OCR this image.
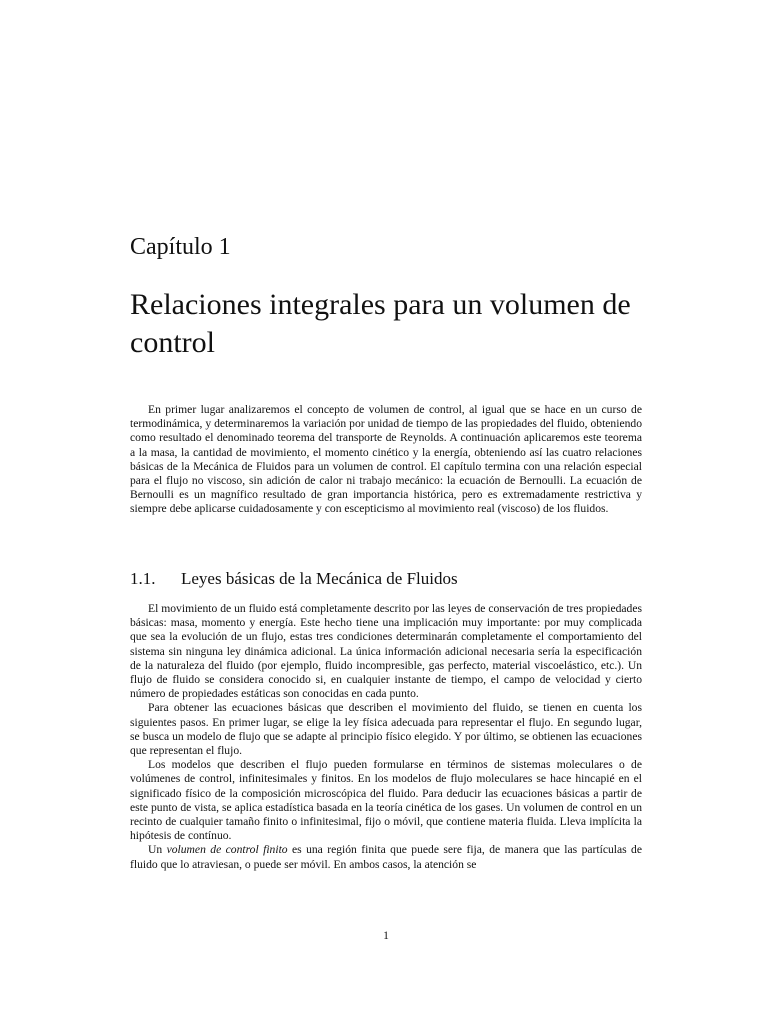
Capítulo 1
Relaciones integrales para un volumen de control

En primer lugar analizaremos el concepto de volumen de control, al igual que se hace en un curso de termodinámica, y determinaremos la variación por unidad de tiempo de las propiedades del fluido, obteniendo como resultado el denominado teorema del transporte de Reynolds. A continuación aplicaremos este teorema a la masa, la cantidad de movimiento, el momento cinético y la energía, obteniendo así las cuatro relaciones básicas de la Mecánica de Fluidos para un volumen de control. El capítulo termina con una relación especial para el flujo no viscoso, sin adición de calor ni trabajo mecánico: la ecuación de Bernoulli. La ecuación de Bernoulli es un magnífico resultado de gran importancia histórica, pero es extremadamente restrictiva y siempre debe aplicarse cuidadosamente y con escepticismo al movimiento real (viscoso) de los fluidos.

1.1. Leyes básicas de la Mecánica de Fluidos

El movimiento de un fluido está completamente descrito por las leyes de conservación de tres propiedades básicas: masa, momento y energía. Este hecho tiene una implicación muy importante: por muy complicada que sea la evolución de un flujo, estas tres condiciones determinarán completamente el comportamiento del sistema sin ninguna ley dinámica adicional. La única información adicional necesaria sería la especificación de la naturaleza del fluido (por ejemplo, fluido incompresible, gas perfecto, material viscoelástico, etc.). Un flujo de fluido se considera conocido si, en cualquier instante de tiempo, el campo de velocidad y cierto número de propiedades estáticas son conocidas en cada punto.

Para obtener las ecuaciones básicas que describen el movimiento del fluido, se tienen en cuenta los siguientes pasos. En primer lugar, se elige la ley física adecuada para representar el flujo. En segundo lugar, se busca un modelo de flujo que se adapte al principio físico elegido. Y por último, se obtienen las ecuaciones que representan el flujo.

Los modelos que describen el flujo pueden formularse en términos de sistemas moleculares o de volúmenes de control, infinitesimales y finitos. En los modelos de flujo moleculares se hace hincapié en el significado físico de la composición microscópica del fluido. Para deducir las ecuaciones básicas a partir de este punto de vista, se aplica estadística basada en la teoría cinética de los gases. Un volumen de control en un recinto de cualquier tamaño finito o infinitesimal, fijo o móvil, que contiene materia fluida. Lleva implícita la hipótesis de contínuo.

Un volumen de control finito es una región finita que puede sere fija, de manera que las partículas de fluido que lo atraviesan, o puede ser móvil. En ambos casos, la atención se

1
